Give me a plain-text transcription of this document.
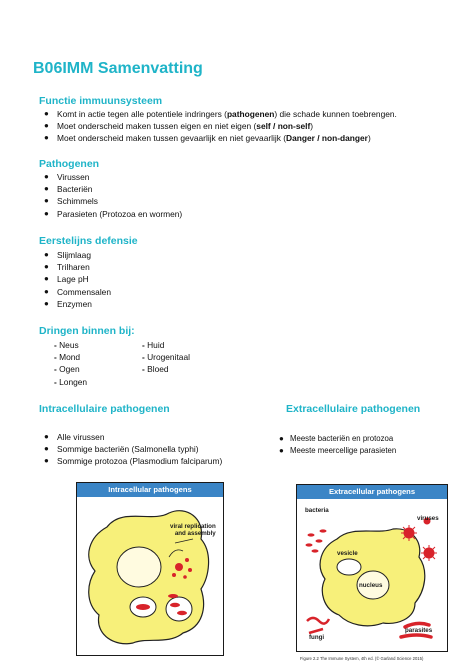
B06IMM Samenvatting
Functie immuunsysteem
● Komt in actie tegen alle potentiele indringers (pathogenen) die schade kunnen toebrengen.
● Moet onderscheid maken tussen eigen en niet eigen (self / non-self)
● Moet onderscheid maken tussen gevaarlijk en niet gevaarlijk (Danger / non-danger)
Pathogenen
● Virussen
● Bacteriën
● Schimmels
● Parasieten (Protozoa en wormen)
Eerstelijns defensie
● Slijmlaag
● Trilharen
● Lage pH
● Commensalen
● Enzymen
Dringen binnen bij:
- Neus
- Mond
- Ogen
- Longen
- Huid
- Urogenitaal
- Bloed
Intracellulaire pathogenen
● Alle virussen
● Sommige bacteriën (Salmonella typhi)
● Sommige protozoa (Plasmodium falciparum)
Extracellulaire pathogenen
● Meeste bacteriën en protozoa
● Meeste meercellige parasieten
Intracellular pathogens
viral replication
and assembly
Extracellular pathogens
bacteria
viruses
vesicle
nucleus
fungi
parasites
Figure 2.2 The Immune System, 4th ed. (© Garland Science 2015)
